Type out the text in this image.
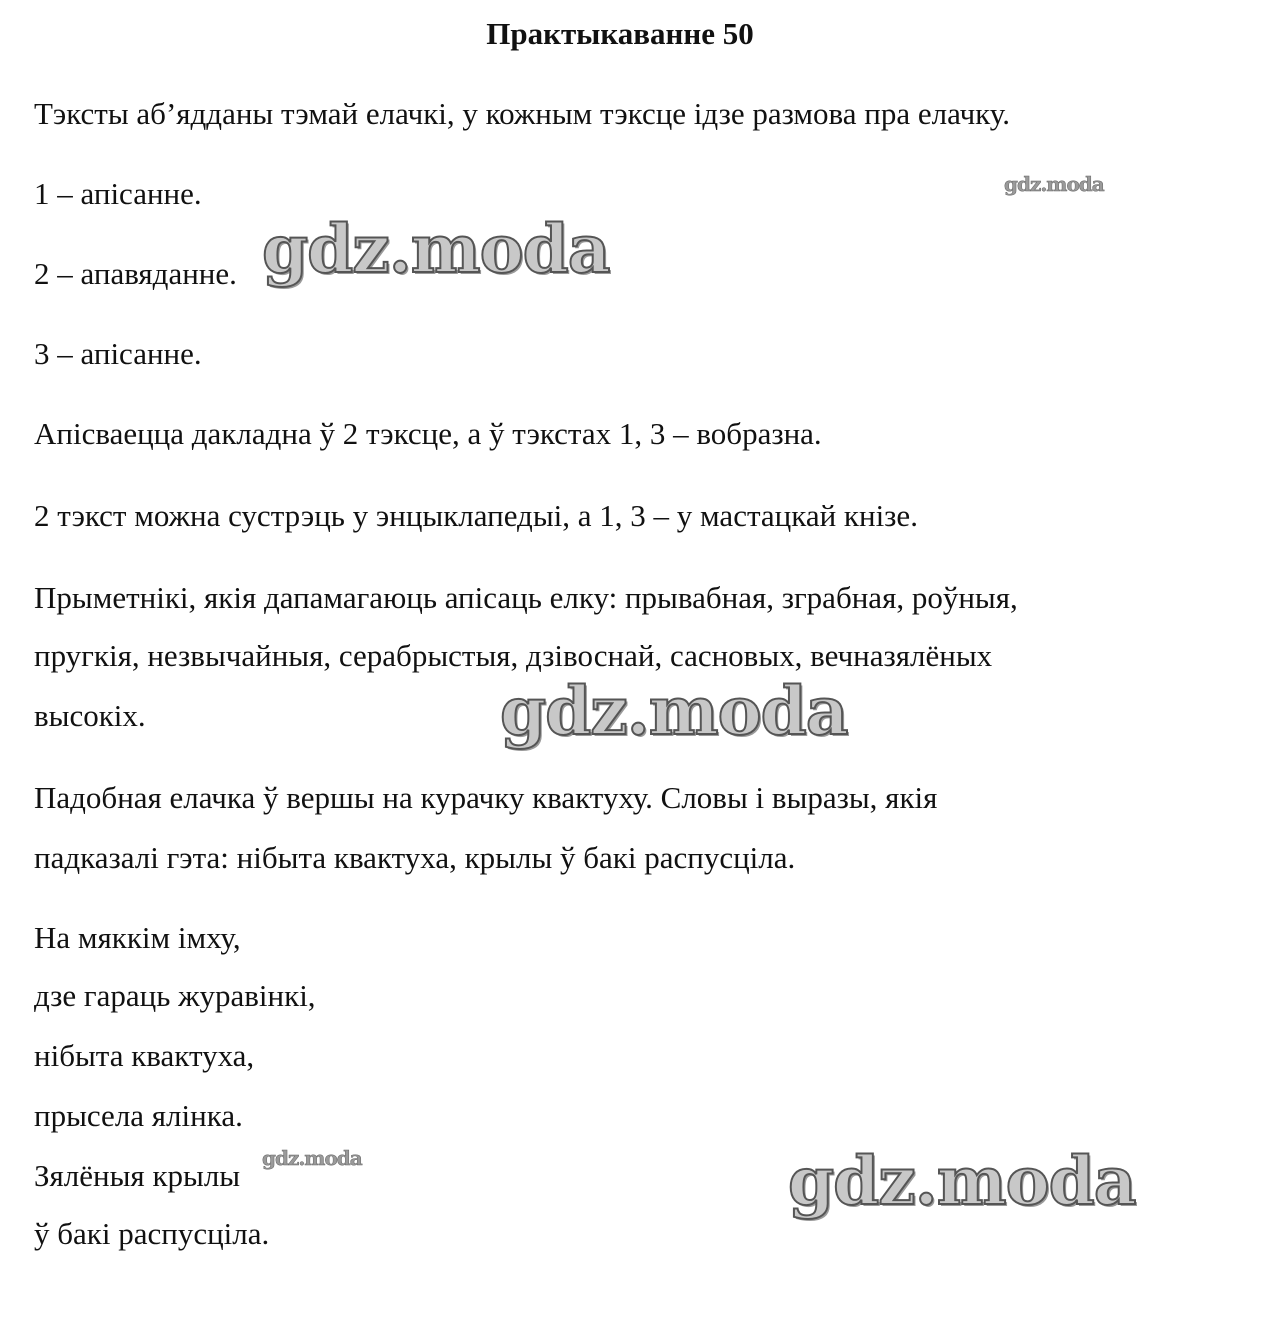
Практыкаванне 50
Тэксты аб’ядданы тэмай елачкі, у кожным тэксце ідзе размова пра елачку.
1 – апісанне.
2 – апавяданне.
3 – апісанне.
Апісваецца дакладна ў 2 тэксце, а ў тэкстах 1, 3 – вобразна.
2 тэкст можна сустрэць у энцыклапедыі, а 1, 3 – у мастацкай кнізе.
Прыметнікі, якія дапамагаюць апісаць елку: прывабная, зграбная, роўныя,
пругкія, незвычайныя, серабрыстыя, дзівоснай, сасновых, вечназялёных
высокіх.
Падобная елачка ў вершы на курачку квактуху. Словы і выразы, якія
падказалі гэта: нібыта квактуха, крылы ў бакі распусціла.
На мяккім імху,
дзе гараць журавінкі,
нібыта квактуха,
прысела ялінка.
Зялёныя крылы
ў бакі распусціла.
gdz.moda
gdz.moda
gdz.moda
gdz.moda	gdz.moda
